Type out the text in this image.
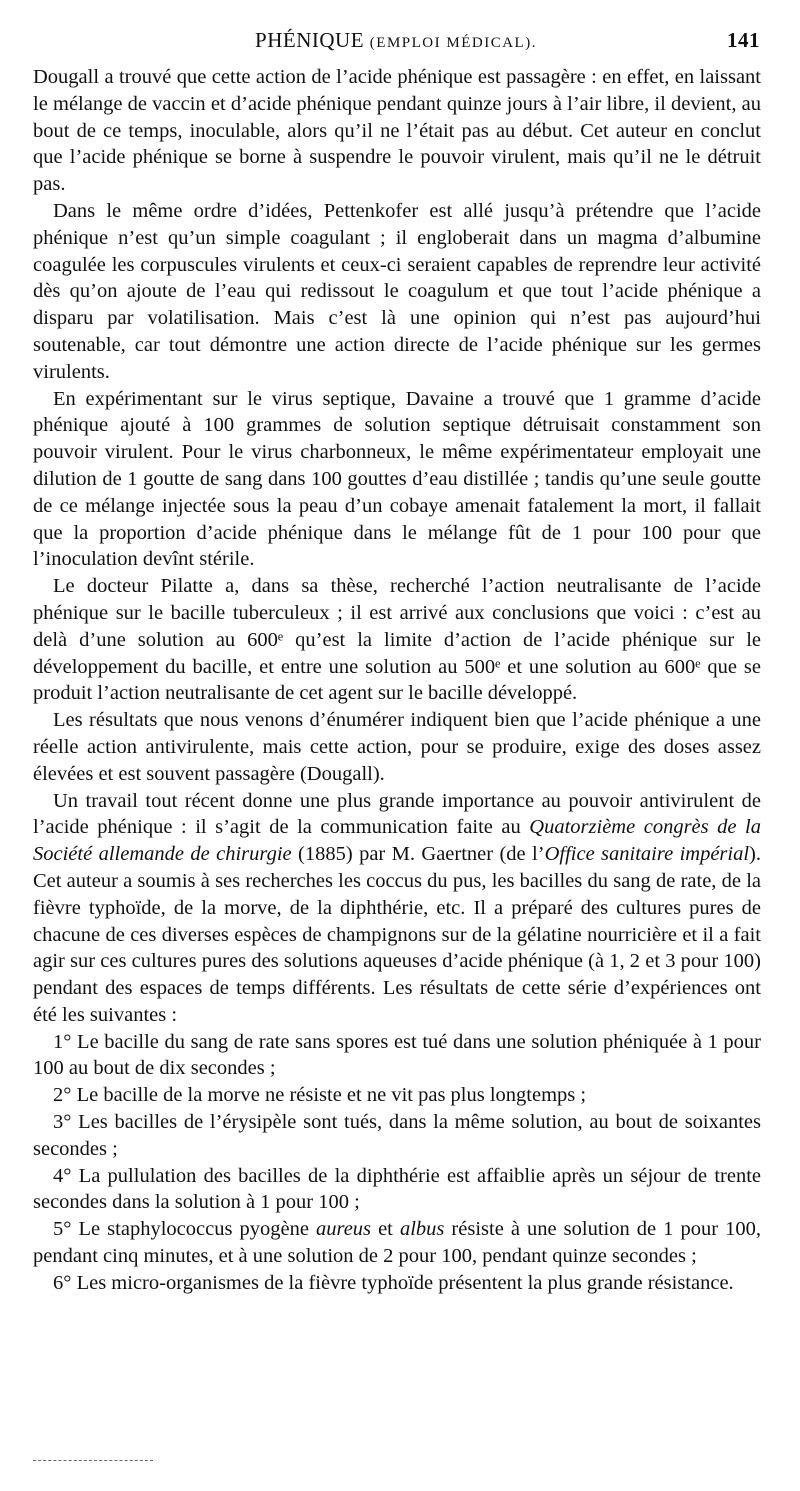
PHÉNIQUE (EMPLOI MÉDICAL).	141

Dougall a trouvé que cette action de l’acide phénique est passagère : en effet, en laissant le mélange de vaccin et d’acide phénique pendant quinze jours à l’air libre, il devient, au bout de ce temps, inoculable, alors qu’il ne l’était pas au début. Cet auteur en conclut que l’acide phénique se borne à suspendre le pouvoir virulent, mais qu’il ne le détruit pas.

Dans le même ordre d’idées, Pettenkofer est allé jusqu’à prétendre que l’acide phénique n’est qu’un simple coagulant ; il engloberait dans un magma d’albumine coagulée les corpuscules virulents et ceux-ci seraient capables de reprendre leur activité dès qu’on ajoute de l’eau qui redissout le coagulum et que tout l’acide phénique a disparu par volatilisation. Mais c’est là une opinion qui n’est pas aujourd’hui soutenable, car tout démontre une action directe de l’acide phénique sur les germes virulents.

En expérimentant sur le virus septique, Davaine a trouvé que 1 gramme d’acide phénique ajouté à 100 grammes de solution septique détruisait constamment son pouvoir virulent. Pour le virus charbonneux, le même expérimentateur employait une dilution de 1 goutte de sang dans 100 gouttes d’eau distillée ; tandis qu’une seule goutte de ce mélange injectée sous la peau d’un cobaye amenait fatalement la mort, il fallait que la proportion d’acide phénique dans le mélange fût de 1 pour 100 pour que l’inoculation devînt stérile.

Le docteur Pilatte a, dans sa thèse, recherché l’action neutralisante de l’acide phénique sur le bacille tuberculeux ; il est arrivé aux conclusions que voici : c’est au delà d’une solution au 600ᵉ qu’est la limite d’action de l’acide phénique sur le développement du bacille, et entre une solution au 500ᵉ et une solution au 600ᵉ que se produit l’action neutralisante de cet agent sur le bacille développé.

Les résultats que nous venons d’énumérer indiquent bien que l’acide phénique a une réelle action antivirulente, mais cette action, pour se produire, exige des doses assez élevées et est souvent passagère (Dougall).

Un travail tout récent donne une plus grande importance au pouvoir antivirulent de l’acide phénique : il s’agit de la communication faite au Quatorzième congrès de la Société allemande de chirurgie (1885) par M. Gaertner (de l’Office sanitaire impérial). Cet auteur a soumis à ses recherches les coccus du pus, les bacilles du sang de rate, de la fièvre typhoïde, de la morve, de la diphthérie, etc. Il a préparé des cultures pures de chacune de ces diverses espèces de champignons sur de la gélatine nourricière et il a fait agir sur ces cultures pures des solutions aqueuses d’acide phénique (à 1, 2 et 3 pour 100) pendant des espaces de temps différents. Les résultats de cette série d’expériences ont été les suivantes :

1° Le bacille du sang de rate sans spores est tué dans une solution phéniquée à 1 pour 100 au bout de dix secondes ;

2° Le bacille de la morve ne résiste et ne vit pas plus longtemps ;

3° Les bacilles de l’érysipèle sont tués, dans la même solution, au bout de soixantes secondes ;

4° La pullulation des bacilles de la diphthérie est affaiblie après un séjour de trente secondes dans la solution à 1 pour 100 ;

5° Le staphylococcus pyogène aureus et albus résiste à une solution de 1 pour 100, pendant cinq minutes, et à une solution de 2 pour 100, pendant quinze secondes ;

6° Les micro-organismes de la fièvre typhoïde présentent la plus grande résistance.
